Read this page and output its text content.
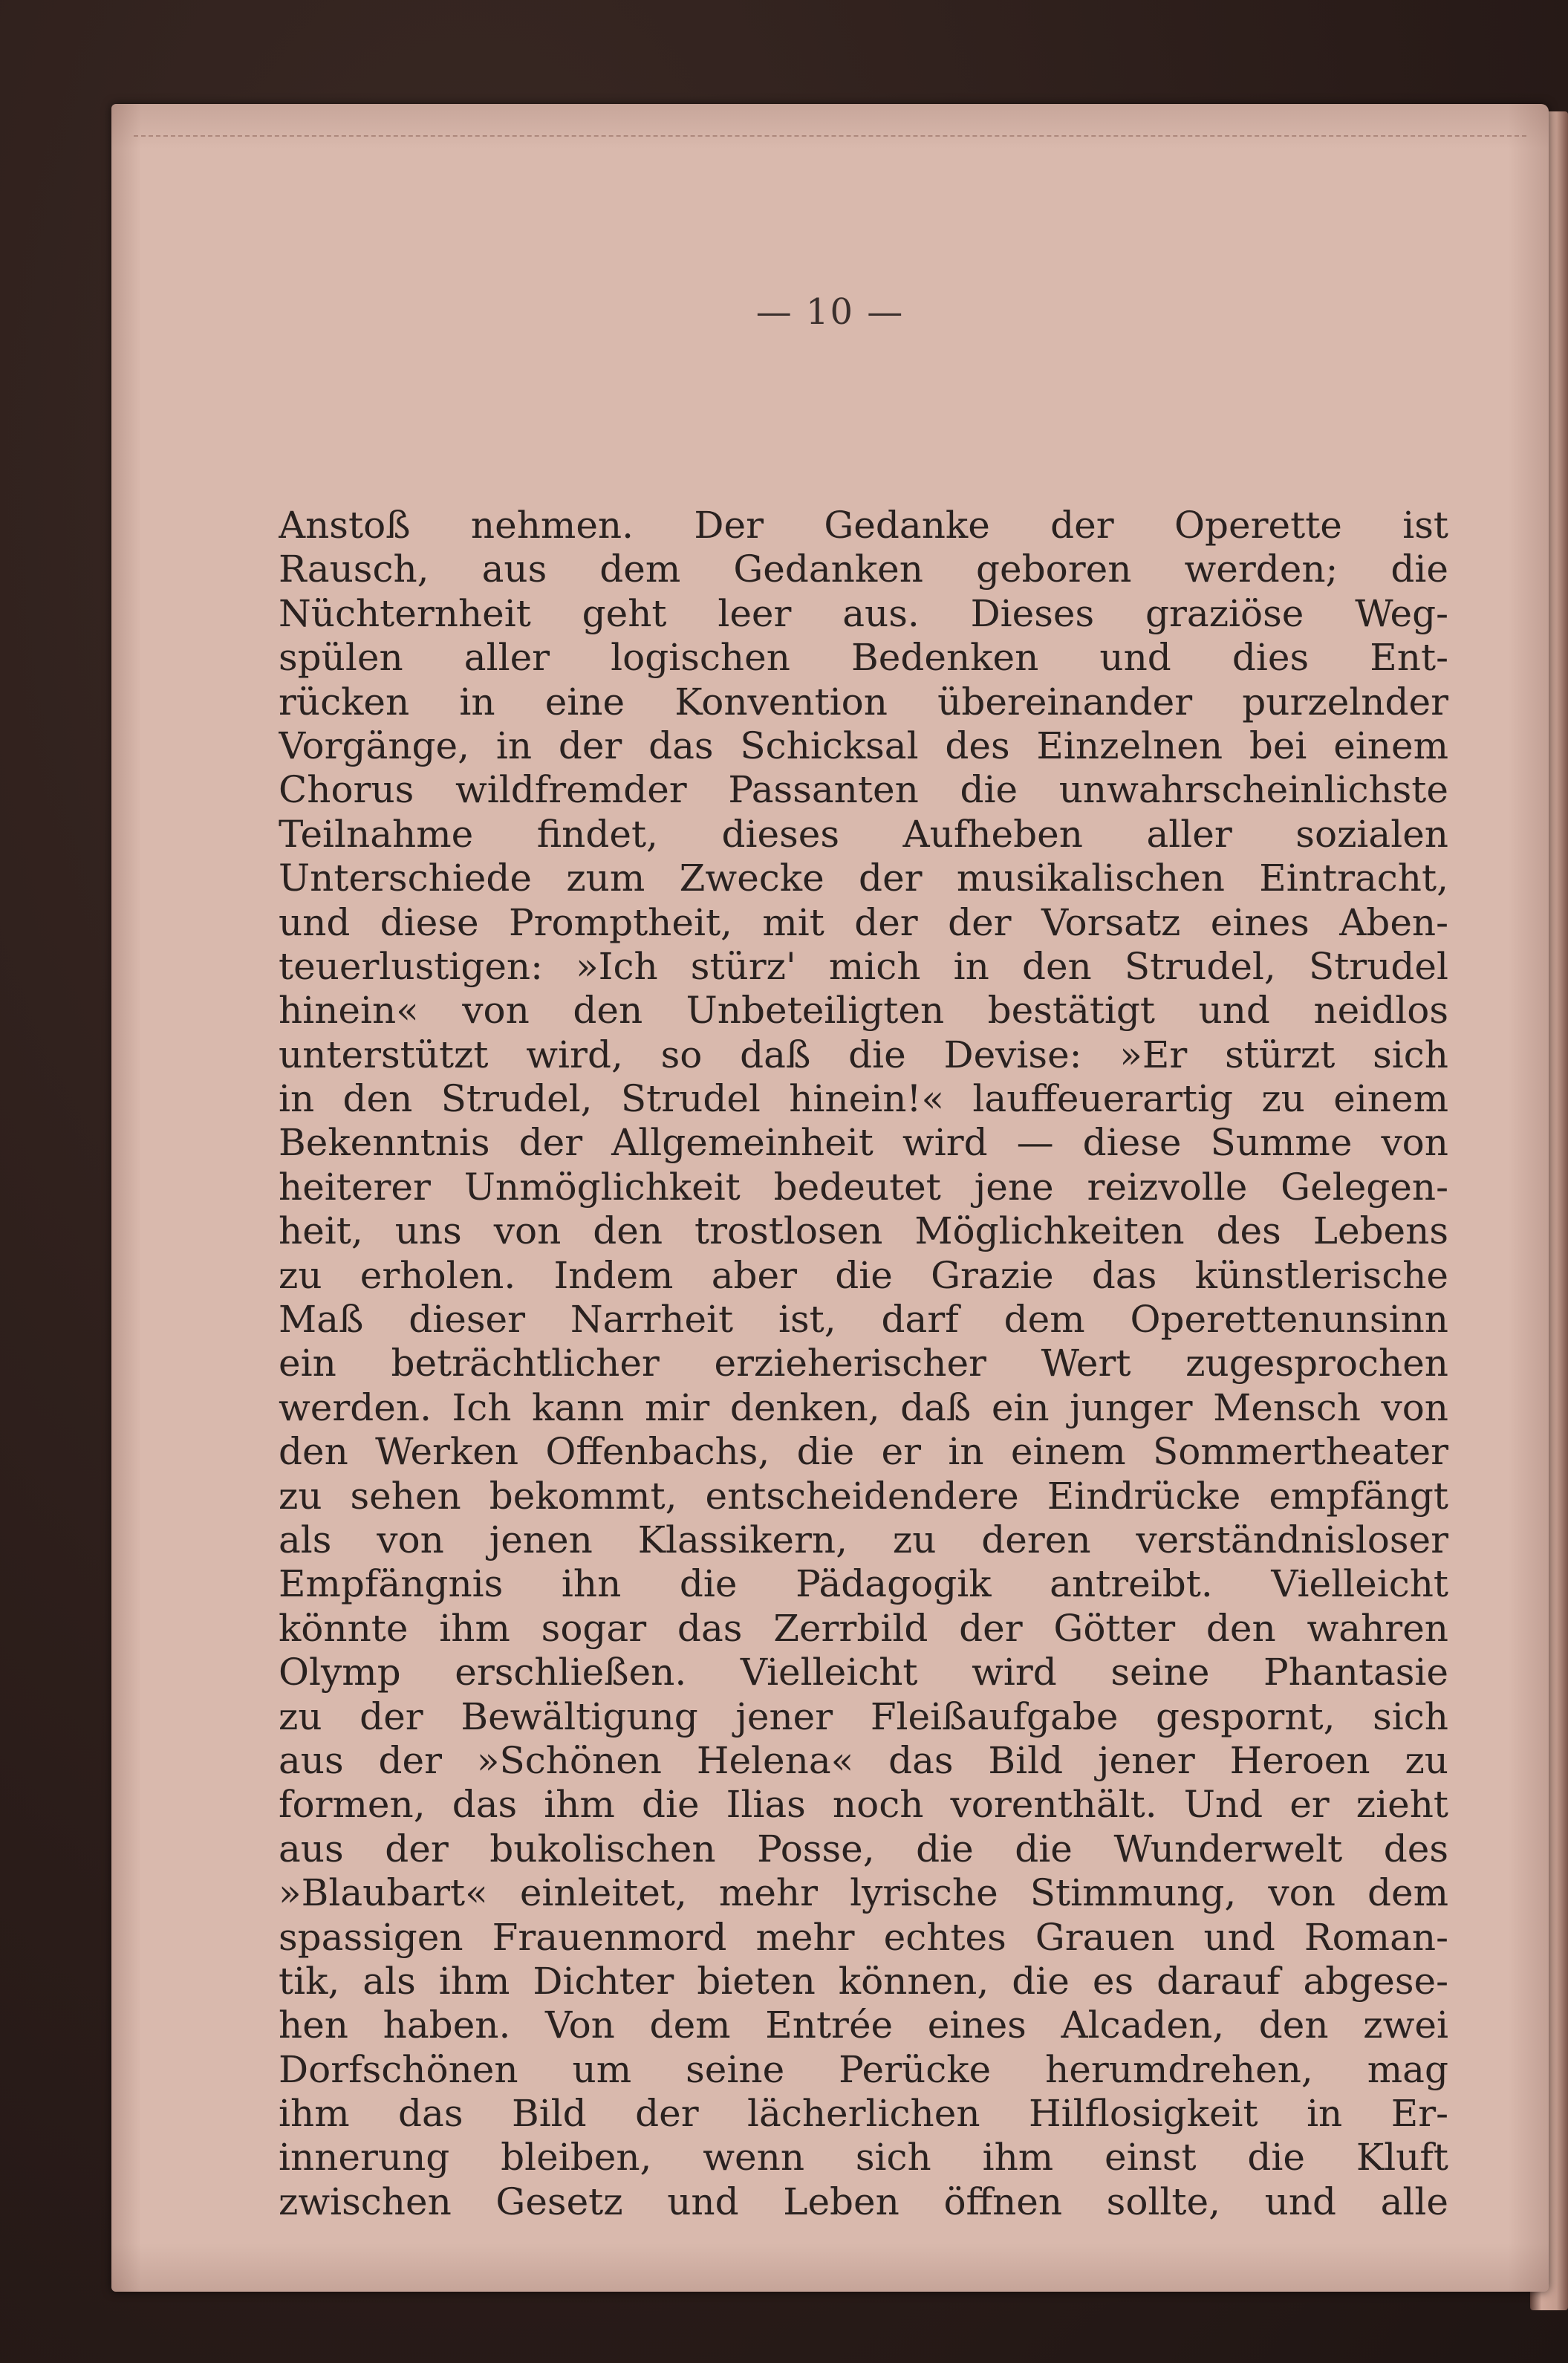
— 10 —
Anstoß nehmen. Der Gedanke der Operette ist
Rausch, aus dem Gedanken geboren werden; die
Nüchternheit geht leer aus. Dieses graziöse Weg-
spülen aller logischen Bedenken und dies Ent-
rücken in eine Konvention übereinander purzelnder
Vorgänge, in der das Schicksal des Einzelnen bei einem
Chorus wildfremder Passanten die unwahrscheinlichste
Teilnahme findet, dieses Aufheben aller sozialen
Unterschiede zum Zwecke der musikalischen Eintracht,
und diese Promptheit, mit der der Vorsatz eines Aben-
teuerlustigen: »Ich stürz' mich in den Strudel, Strudel
hinein« von den Unbeteiligten bestätigt und neidlos
unterstützt wird, so daß die Devise: »Er stürzt sich
in den Strudel, Strudel hinein!« lauffeuerartig zu einem
Bekenntnis der Allgemeinheit wird — diese Summe von
heiterer Unmöglichkeit bedeutet jene reizvolle Gelegen-
heit, uns von den trostlosen Möglichkeiten des Lebens
zu erholen. Indem aber die Grazie das künstlerische
Maß dieser Narrheit ist, darf dem Operettenunsinn
ein beträchtlicher erzieherischer Wert zugesprochen
werden. Ich kann mir denken, daß ein junger Mensch von
den Werken Offenbachs, die er in einem Sommertheater
zu sehen bekommt, entscheidendere Eindrücke empfängt
als von jenen Klassikern, zu deren verständnisloser
Empfängnis ihn die Pädagogik antreibt. Vielleicht
könnte ihm sogar das Zerrbild der Götter den wahren
Olymp erschließen. Vielleicht wird seine Phantasie
zu der Bewältigung jener Fleißaufgabe gespornt, sich
aus der »Schönen Helena« das Bild jener Heroen zu
formen, das ihm die Ilias noch vorenthält. Und er zieht
aus der bukolischen Posse, die die Wunderwelt des
»Blaubart« einleitet, mehr lyrische Stimmung, von dem
spassigen Frauenmord mehr echtes Grauen und Roman-
tik, als ihm Dichter bieten können, die es darauf abgese-
hen haben. Von dem Entrée eines Alcaden, den zwei
Dorfschönen um seine Perücke herumdrehen, mag
ihm das Bild der lächerlichen Hilflosigkeit in Er-
innerung bleiben, wenn sich ihm einst die Kluft
zwischen Gesetz und Leben öffnen sollte, und alle
